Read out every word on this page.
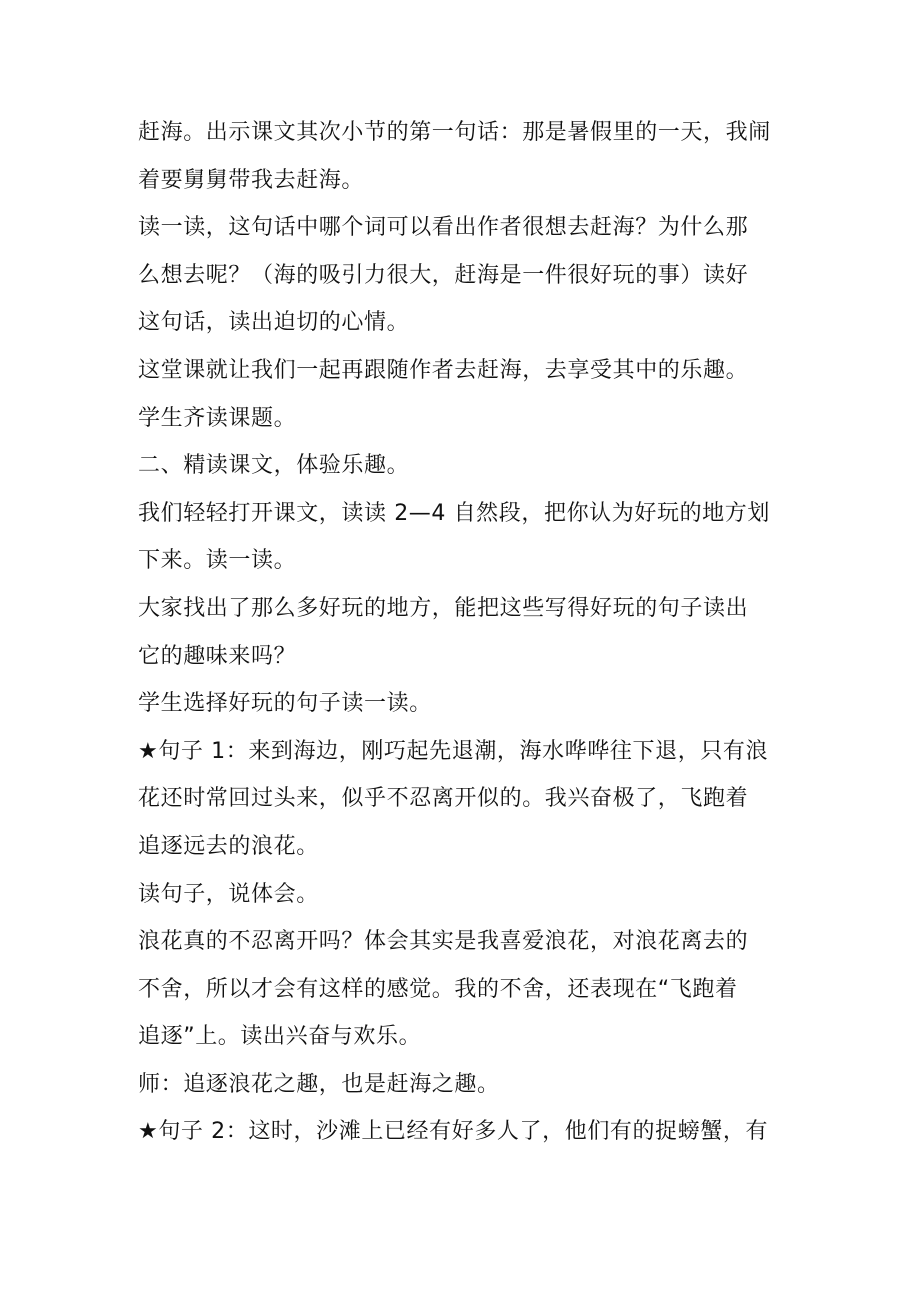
赶海。出示课文其次小节的第一句话：那是暑假里的一天，我闹
着要舅舅带我去赶海。
读一读，这句话中哪个词可以看出作者很想去赶海？为什么那
么想去呢？（海的吸引力很大，赶海是一件很好玩的事）读好
这句话，读出迫切的心情。
这堂课就让我们一起再跟随作者去赶海，去享受其中的乐趣。
学生齐读课题。
二、精读课文，体验乐趣。
我们轻轻打开课文，读读 2—4 自然段，把你认为好玩的地方划
下来。读一读。
大家找出了那么多好玩的地方，能把这些写得好玩的句子读出
它的趣味来吗？
学生选择好玩的句子读一读。
★句子 1：来到海边，刚巧起先退潮，海水哗哗往下退，只有浪
花还时常回过头来，似乎不忍离开似的。我兴奋极了，飞跑着
追逐远去的浪花。
读句子，说体会。
浪花真的不忍离开吗？体会其实是我喜爱浪花，对浪花离去的
不舍，所以才会有这样的感觉。我的不舍，还表现在“飞跑着
追逐”上。读出兴奋与欢乐。
师：追逐浪花之趣，也是赶海之趣。
★句子 2：这时，沙滩上已经有好多人了，他们有的捉螃蟹，有
